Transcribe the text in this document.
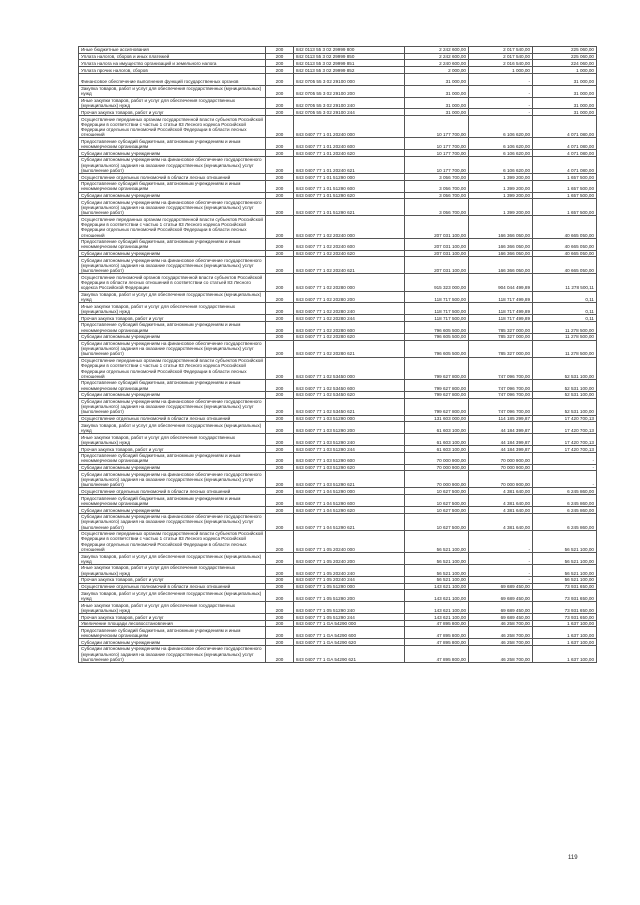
Иные бюджетные ассигнования	200	842 0113 55 3 02 29999 800	2 242 600,00	2 017 540,00	225 060,00
Уплата налогов, сборов и иных платежей	200	842 0113 55 3 02 29999 850	2 242 600,00	2 017 540,00	225 060,00
Уплата налога на имущество организаций и земельного налога	200	842 0113 55 3 02 29999 851	2 240 600,00	2 016 540,00	224 060,00
Уплата прочих налогов, сборов	200	842 0113 55 3 02 29999 852	2 000,00	1 000,00	1 000,00
Финансовое обеспечение выполнения функций государственных органов	200	842 0705 55 3 02 29100 000	31 000,00	-	31 000,00
Закупка товаров, работ и услуг для обеспечения государственных (муниципальных) нужд	200	842 0705 55 3 02 29100 200	31 000,00	-	31 000,00
Иные закупки товаров, работ и услуг для обеспечения государственных (муниципальных) нужд	200	842 0705 55 3 02 29100 240	31 000,00	-	31 000,00
Прочая закупка товаров, работ и услуг	200	842 0705 55 3 02 29100 244	31 000,00	-	31 000,00
Осуществление переданных органам государственной власти субъектов Российской Федерации в соответствии с частью 1 статьи 83 Лесного кодекса Российской Федерации отдельных полномочий Российской Федерации в области лесных отношений	200	843 0407 77 1 01 20240 000	10 177 700,00	6 106 620,00	4 071 080,00
Предоставление субсидий бюджетным, автономным учреждениям и иным некоммерческим организациям	200	843 0407 77 1 01 20240 600	10 177 700,00	6 106 620,00	4 071 080,00
Субсидии автономным учреждениям	200	843 0407 77 1 01 20240 620	10 177 700,00	6 106 620,00	4 071 080,00
Субсидии автономным учреждениям на финансовое обеспечение государственного (муниципального) задания на оказание государственных (муниципальных) услуг (выполнение работ)	200	843 0407 77 1 01 20240 621	10 177 700,00	6 106 620,00	4 071 080,00
Осуществление отдельных полномочий в области лесных отношений	200	843 0407 77 1 01 51290 000	3 056 700,00	1 399 200,00	1 657 500,00
Предоставление субсидий бюджетным, автономным учреждениям и иным некоммерческим организациям	200	843 0407 77 1 01 51290 600	3 056 700,00	1 399 200,00	1 657 500,00
Субсидии автономным учреждениям	200	843 0407 77 1 01 51290 620	3 056 700,00	1 399 200,00	1 657 500,00
Субсидии автономным учреждениям на финансовое обеспечение государственного (муниципального) задания на оказание государственных (муниципальных) услуг (выполнение работ)	200	843 0407 77 1 01 51290 621	3 056 700,00	1 399 200,00	1 657 500,00
Осуществление переданных органам государственной власти субъектов Российской Федерации в соответствии с частью 1 статьи 83 Лесного кодекса Российской Федерации отдельных полномочий Российской Федерации в области лесных отношений	200	843 0407 77 1 02 20240 000	207 031 100,00	166 366 050,00	40 665 050,00
Предоставление субсидий бюджетным, автономным учреждениям и иным некоммерческим организациям	200	843 0407 77 1 02 20240 600	207 031 100,00	166 366 050,00	40 665 050,00
Субсидии автономным учреждениям	200	843 0407 77 1 02 20240 620	207 031 100,00	166 366 050,00	40 665 050,00
Субсидии автономным учреждениям на финансовое обеспечение государственного (муниципального) задания на оказание государственных (муниципальных) услуг (выполнение работ)	200	843 0407 77 1 02 20240 621	207 031 100,00	166 366 050,00	40 665 050,00
Осуществление полномочий органов государственной власти субъектов Российской Федерации в области лесных отношений в соответствии со статьей 83 Лесного кодекса Российской Федерации	200	843 0407 77 1 02 20280 000	915 323 000,00	904 044 499,89	11 278 500,11
Закупка товаров, работ и услуг для обеспечения государственных (муниципальных) нужд	200	843 0407 77 1 02 20280 200	118 717 500,00	118 717 499,89	0,11
Иные закупки товаров, работ и услуг для обеспечения государственных (муниципальных) нужд	200	843 0407 77 1 02 20280 240	118 717 500,00	118 717 499,89	0,11
Прочая закупка товаров, работ и услуг	200	843 0407 77 1 02 20280 244	118 717 500,00	118 717 499,89	0,11
Предоставление субсидий бюджетным, автономным учреждениям и иным некоммерческим организациям	200	843 0407 77 1 02 20280 600	796 605 500,00	785 327 000,00	11 278 500,00
Субсидии автономным учреждениям	200	843 0407 77 1 02 20280 620	796 605 500,00	785 327 000,00	11 278 500,00
Субсидии автономным учреждениям на финансовое обеспечение государственного (муниципального) задания на оказание государственных (муниципальных) услуг (выполнение работ)	200	843 0407 77 1 02 20280 621	796 605 500,00	785 327 000,00	11 278 500,00
Осуществление переданных органам государственной власти субъектов Российской Федерации в соответствии с частью 1 статьи 83 Лесного кодекса Российской Федерации отдельных полномочий Российской Федерации в области лесных отношений	200	843 0407 77 1 02 53450 000	799 627 800,00	747 096 700,00	52 531 100,00
Предоставление субсидий бюджетным, автономным учреждениям и иным некоммерческим организациям	200	843 0407 77 1 02 53450 600	799 627 800,00	747 096 700,00	52 531 100,00
Субсидии автономным учреждениям	200	843 0407 77 1 02 53450 620	799 627 800,00	747 096 700,00	52 531 100,00
Субсидии автономным учреждениям на финансовое обеспечение государственного (муниципального) задания на оказание государственных (муниципальных) услуг (выполнение работ)	200	843 0407 77 1 02 53450 621	799 627 800,00	747 096 700,00	52 531 100,00
Осуществление отдельных полномочий в области лесных отношений	200	843 0407 77 1 03 51290 000	131 603 000,00	114 185 299,87	17 420 700,13
Закупка товаров, работ и услуг для обеспечения государственных (муниципальных) нужд	200	843 0407 77 1 03 51290 200	61 603 100,00	44 184 399,87	17 420 700,13
Иные закупки товаров, работ и услуг для обеспечения государственных (муниципальных) нужд	200	843 0407 77 1 03 51290 240	61 603 100,00	44 184 399,87	17 420 700,13
Прочая закупка товаров, работ и услуг	200	843 0407 77 1 03 51290 244	61 603 100,00	44 184 399,87	17 420 700,13
Предоставление субсидий бюджетным, автономным учреждениям и иным некоммерческим организациям	200	843 0407 77 1 03 51290 600	70 000 900,00	70 000 900,00	-
Субсидии автономным учреждениям	200	843 0407 77 1 03 51290 620	70 000 900,00	70 000 900,00	-
Субсидии автономным учреждениям на финансовое обеспечение государственного (муниципального) задания на оказание государственных (муниципальных) услуг (выполнение работ)	200	843 0407 77 1 03 51290 621	70 000 900,00	70 000 900,00	-
Осуществление отдельных полномочий в области лесных отношений	200	843 0407 77 1 04 51290 000	10 627 500,00	4 381 640,00	6 245 860,00
Предоставление субсидий бюджетным, автономным учреждениям и иным некоммерческим организациям	200	843 0407 77 1 04 51290 600	10 627 500,00	4 381 640,00	6 245 860,00
Субсидии автономным учреждениям	200	843 0407 77 1 04 51290 620	10 627 500,00	4 381 640,00	6 245 860,00
Субсидии автономным учреждениям на финансовое обеспечение государственного (муниципального) задания на оказание государственных (муниципальных) услуг (выполнение работ)	200	843 0407 77 1 04 51290 621	10 627 500,00	4 381 640,00	6 245 860,00
Осуществление переданных органам государственной власти субъектов Российской Федерации в соответствии с частью 1 статьи 83 Лесного кодекса Российской Федерации отдельных полномочий Российской Федерации в области лесных отношений	200	843 0407 77 1 05 20240 000	56 521 100,00	-	56 521 100,00
Закупка товаров, работ и услуг для обеспечения государственных (муниципальных) нужд	200	843 0407 77 1 05 20240 200	56 521 100,00	-	56 521 100,00
Иные закупки товаров, работ и услуг для обеспечения государственных (муниципальных) нужд	200	843 0407 77 1 05 20240 240	56 521 100,00	-	56 521 100,00
Прочая закупка товаров, работ и услуг	200	843 0407 77 1 05 20240 244	56 521 100,00	-	56 521 100,00
Осуществление отдельных полномочий в области лесных отношений	200	843 0407 77 1 05 51290 000	143 621 100,00	69 689 450,00	73 931 650,00
Закупка товаров, работ и услуг для обеспечения государственных (муниципальных) нужд	200	843 0407 77 1 05 51290 200	143 621 100,00	69 689 450,00	73 931 650,00
Иные закупки товаров, работ и услуг для обеспечения государственных (муниципальных) нужд	200	843 0407 77 1 05 51290 240	143 621 100,00	69 689 450,00	73 931 650,00
Прочая закупка товаров, работ и услуг	200	843 0407 77 1 05 51290 244	143 621 100,00	69 689 450,00	73 931 650,00
Увеличение площади лесовосстановления	200	843 0407 77 1 GA 54290 000	47 895 800,00	46 258 700,00	1 637 100,00
Предоставление субсидий бюджетным, автономным учреждениям и иным некоммерческим организациям	200	843 0407 77 1 GA 54290 600	47 895 800,00	46 258 700,00	1 637 100,00
Субсидии автономным учреждениям	200	843 0407 77 1 GA 54290 620	47 895 800,00	46 258 700,00	1 637 100,00
Субсидии автономным учреждениям на финансовое обеспечение государственного (муниципального) задания на оказание государственных (муниципальных) услуг (выполнение работ)	200	843 0407 77 1 GA 54290 621	47 895 800,00	46 258 700,00	1 637 100,00
119
